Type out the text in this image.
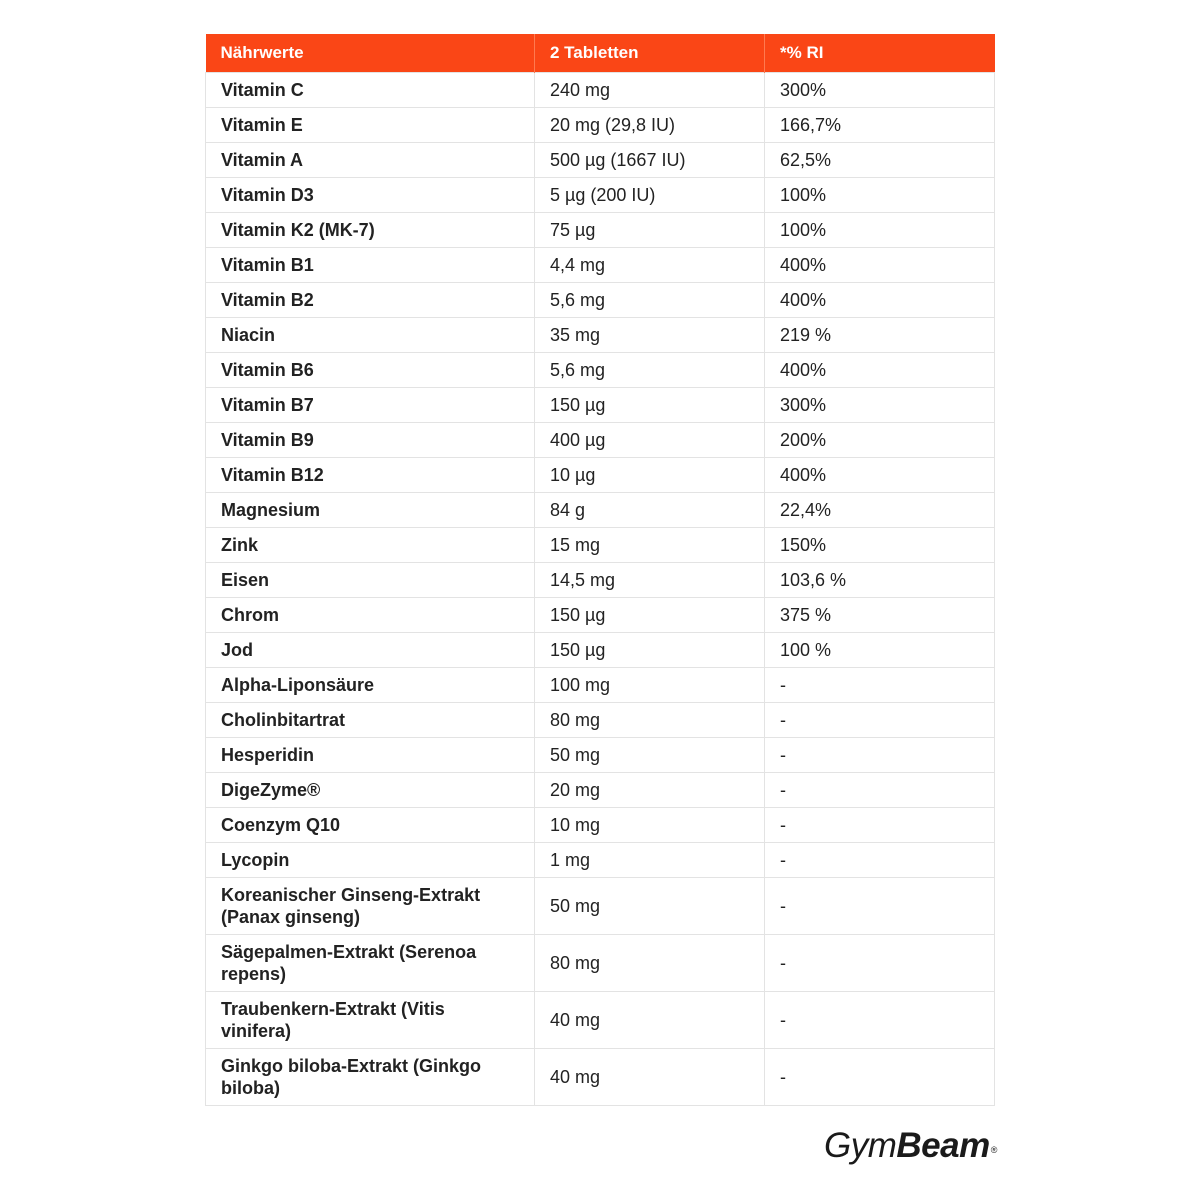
Nährwerte	2 Tabletten	*% RI
Vitamin C	240 mg	300%
Vitamin E	20 mg (29,8 IU)	166,7%
Vitamin A	500 µg (1667 IU)	62,5%
Vitamin D3	5 µg (200 IU)	100%
Vitamin K2 (MK-7)	75 µg	100%
Vitamin B1	4,4 mg	400%
Vitamin B2	5,6 mg	400%
Niacin	35 mg	219 %
Vitamin B6	5,6 mg	400%
Vitamin B7	150 µg	300%
Vitamin B9	400 µg	200%
Vitamin B12	10 µg	400%
Magnesium	84 g	22,4%
Zink	15 mg	150%
Eisen	14,5 mg	103,6 %
Chrom	150 µg	375 %
Jod	150 µg	100 %
Alpha-Liponsäure	100 mg	-
Cholinbitartrat	80 mg	-
Hesperidin	50 mg	-
DigeZyme®	20 mg	-
Coenzym Q10	10 mg	-
Lycopin	1 mg	-
Koreanischer Ginseng-Extrakt (Panax ginseng)	50 mg	-
Sägepalmen-Extrakt (Serenoa repens)	80 mg	-
Traubenkern-Extrakt (Vitis vinifera)	40 mg	-
Ginkgo biloba-Extrakt (Ginkgo biloba)	40 mg	-
GymBeam®
